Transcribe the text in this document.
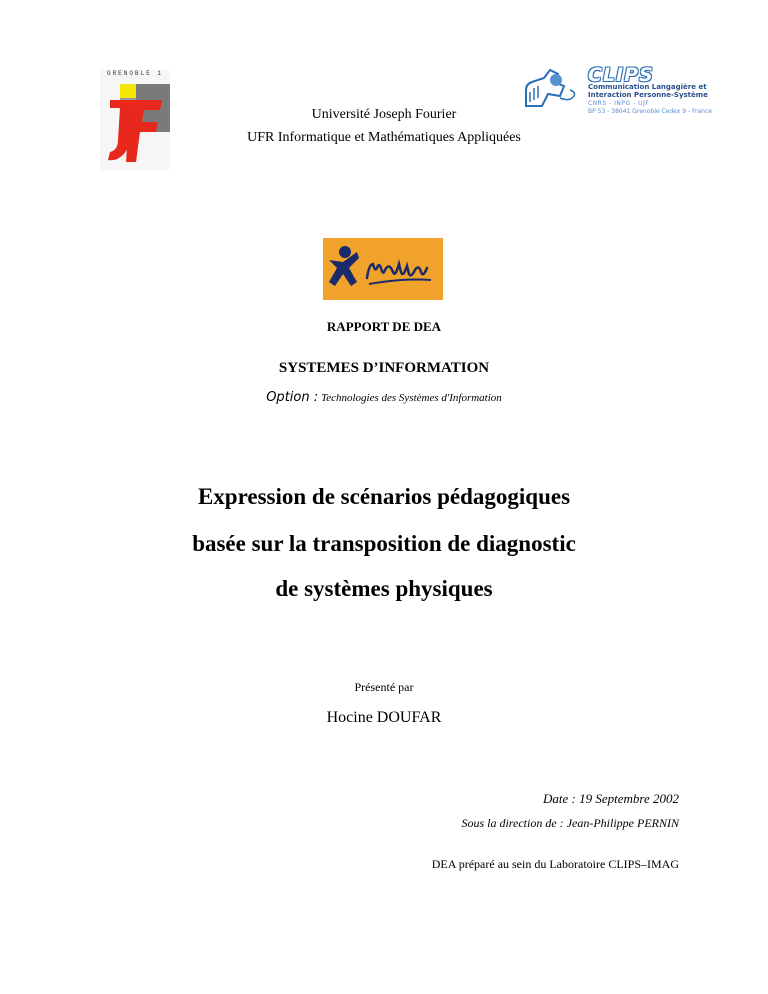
GRENOBLE 1	CLIPS
Communication Langagière et
Interaction Personne-Système
CNRS - INPG - UJF
BP 53 - 38041 Grenoble Cedex 9 - France
Université Joseph Fourier
UFR Informatique et Mathématiques Appliquées
RAPPORT DE DEA
SYSTEMES D’INFORMATION
Option : Technologies des Systèmes d'Information
Expression de scénarios pédagogiques
basée sur la transposition de diagnostic
de systèmes physiques
Présenté par
Hocine DOUFAR
Date : 19 Septembre 2002
Sous la direction de : Jean-Philippe PERNIN
DEA préparé au sein du Laboratoire CLIPS–IMAG
